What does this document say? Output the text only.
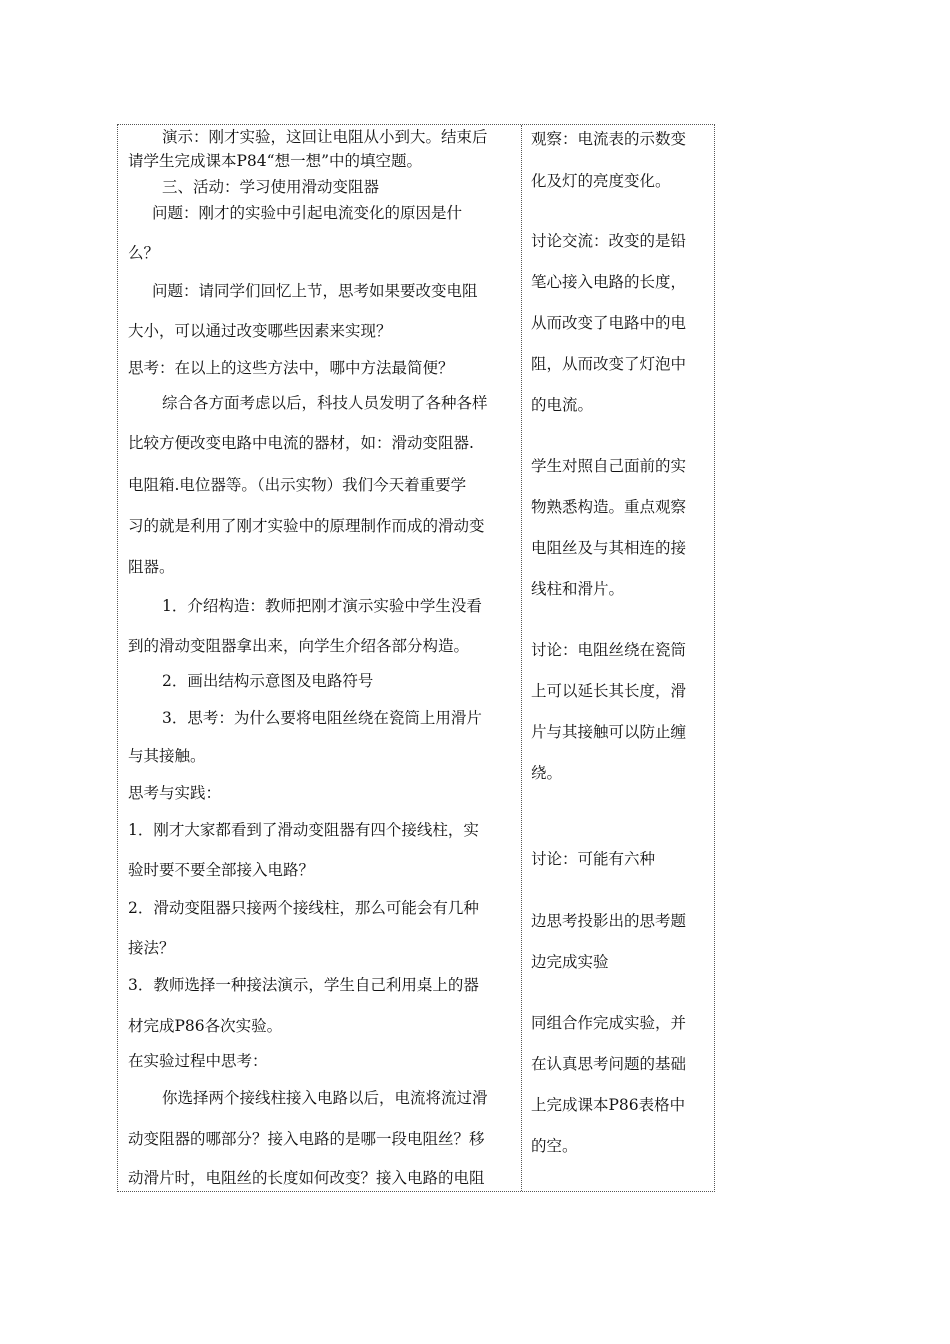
演示：刚才实验，这回让电阻从小到大。结束后
请学生完成课本P84“想一想”中的填空题。
三、活动：学习使用滑动变阻器
问题：刚才的实验中引起电流变化的原因是什
么？
问题：请同学们回忆上节，思考如果要改变电阻
大小，可以通过改变哪些因素来实现？
思考：在以上的这些方法中，哪中方法最简便？
综合各方面考虑以后，科技人员发明了各种各样
比较方便改变电路中电流的器材，如：滑动变阻器.
电阻箱.电位器等。（出示实物）我们今天着重要学
习的就是利用了刚才实验中的原理制作而成的滑动变
阻器。
1．介绍构造：教师把刚才演示实验中学生没看
到的滑动变阻器拿出来，向学生介绍各部分构造。
2．画出结构示意图及电路符号
3．思考：为什么要将电阻丝绕在瓷筒上用滑片
与其接触。
思考与实践：
1．刚才大家都看到了滑动变阻器有四个接线柱，实
验时要不要全部接入电路？
2．滑动变阻器只接两个接线柱，那么可能会有几种
接法？
3．教师选择一种接法演示，学生自己利用桌上的器
材完成P86各次实验。
在实验过程中思考：
你选择两个接线柱接入电路以后，电流将流过滑
动变阻器的哪部分？接入电路的是哪一段电阻丝？移
动滑片时，电阻丝的长度如何改变？接入电路的电阻
观察：电流表的示数变
化及灯的亮度变化。
讨论交流：改变的是铅
笔心接入电路的长度，
从而改变了电路中的电
阻，从而改变了灯泡中
的电流。
学生对照自己面前的实
物熟悉构造。重点观察
电阻丝及与其相连的接
线柱和滑片。
讨论：电阻丝绕在瓷筒
上可以延长其长度，滑
片与其接触可以防止缠
绕。
讨论：可能有六种
边思考投影出的思考题
边完成实验
同组合作完成实验，并
在认真思考问题的基础
上完成课本P86表格中
的空。
